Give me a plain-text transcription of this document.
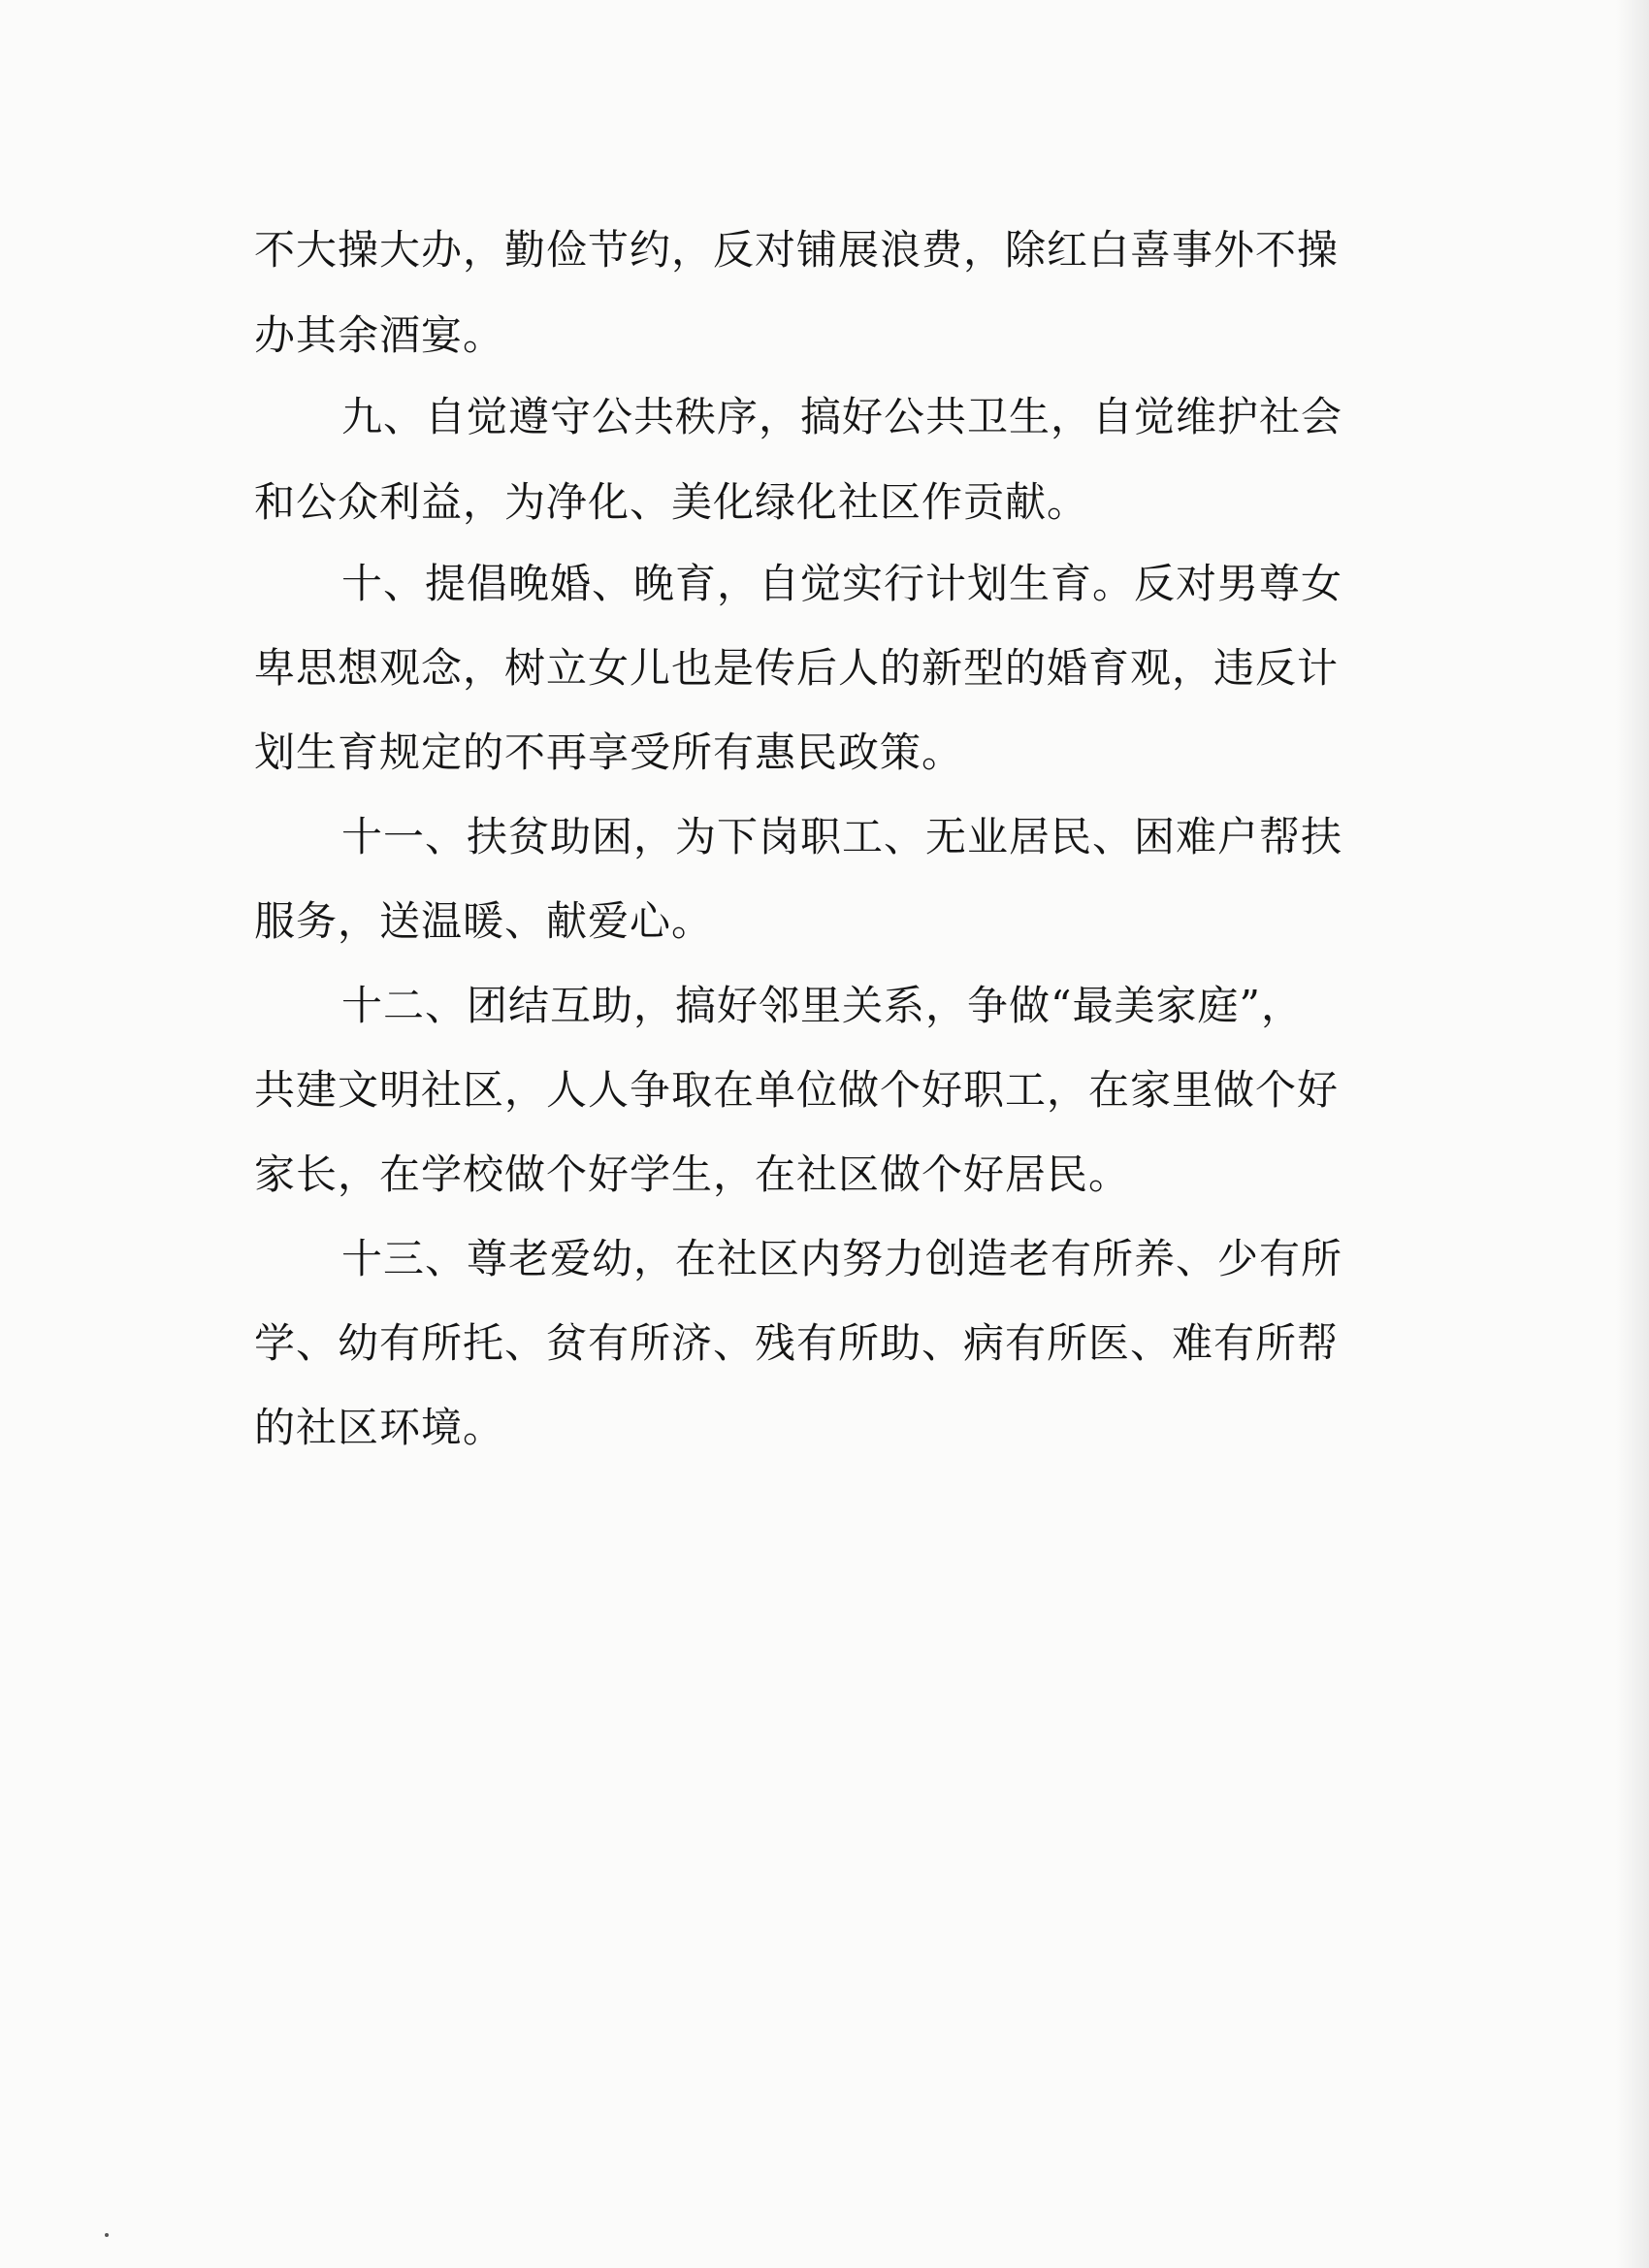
不大操大办，勤俭节约，反对铺展浪费，除红白喜事外不操
办其余酒宴。
九、自觉遵守公共秩序，搞好公共卫生，自觉维护社会
和公众利益，为净化、美化绿化社区作贡献。
十、提倡晚婚、晚育，自觉实行计划生育。反对男尊女
卑思想观念，树立女儿也是传后人的新型的婚育观，违反计
划生育规定的不再享受所有惠民政策。
十一、扶贫助困，为下岗职工、无业居民、困难户帮扶
服务，送温暖、献爱心。
十二、团结互助，搞好邻里关系，争做“最美家庭”，
共建文明社区，人人争取在单位做个好职工，在家里做个好
家长，在学校做个好学生，在社区做个好居民。
十三、尊老爱幼，在社区内努力创造老有所养、少有所
学、幼有所托、贫有所济、残有所助、病有所医、难有所帮
的社区环境。
